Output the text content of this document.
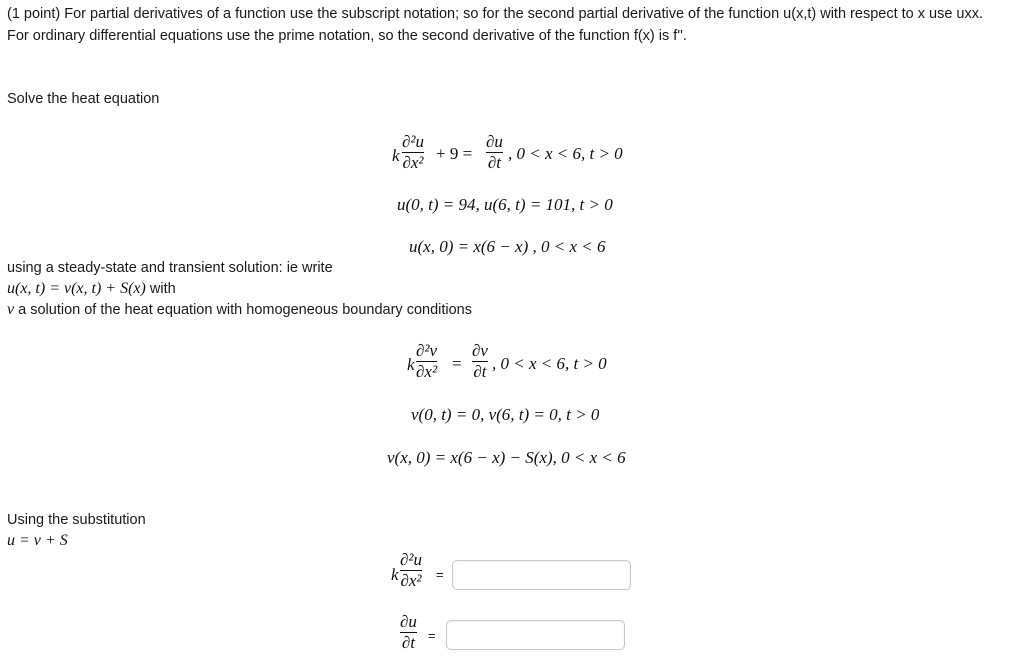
(1 point) For partial derivatives of a function use the subscript notation; so for the second partial derivative of the function u(x,t) with respect to x use uxx.
For ordinary differential equations use the prime notation, so the second derivative of the function f(x) is f''.
Solve the heat equation
k
∂²u
∂x² + 9 =
∂u
∂t , 0 < x < 6, t > 0
u(0, t) = 94, u(6, t) = 101, t > 0
u(x, 0) = x(6 − x) , 0 < x < 6
using a steady-state and transient solution: ie write
u(x, t) = v(x, t) + S(x) with
v a solution of the heat equation with homogeneous boundary conditions
k
∂²v
∂x² =
∂v
∂t , 0 < x < 6, t > 0
v(0, t) = 0, v(6, t) = 0, t > 0
v(x, 0) = x(6 − x) − S(x), 0 < x < 6
Using the substitution
u = v + S
k
∂²u
∂x² =
∂u
∂t =
